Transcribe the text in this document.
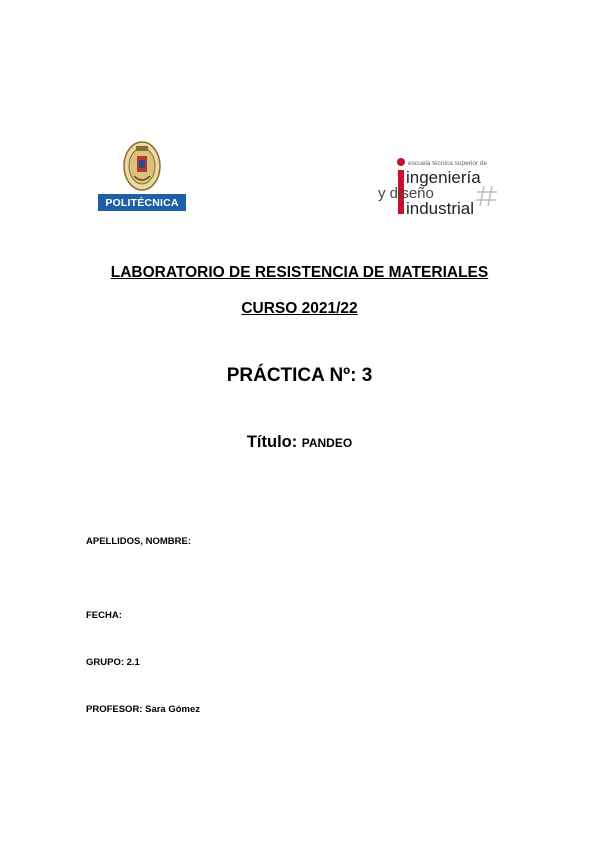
POLITÉCNICA
escuela técnica superior de
ingeniería
y diseño
industrial
LABORATORIO DE RESISTENCIA DE MATERIALES
CURSO 2021/22
PRÁCTICA Nº: 3
Título: PANDEO
APELLIDOS, NOMBRE:
FECHA:
GRUPO: 2.1
PROFESOR: Sara Gómez
